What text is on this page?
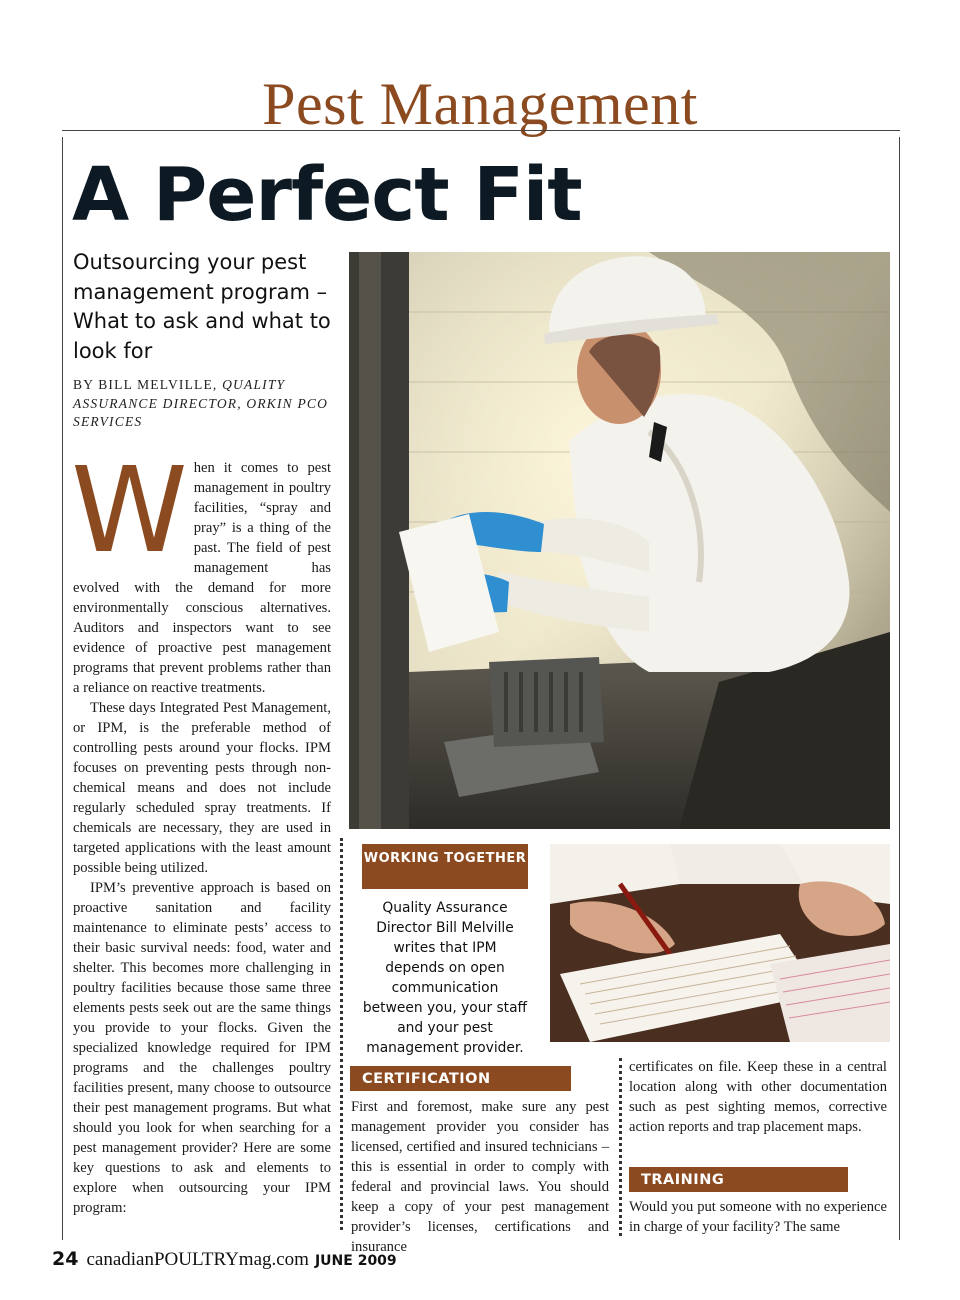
Pest Management
A Perfect Fit
Outsourcing your pest management program – What to ask and what to look for
BY BILL MELVILLE, QUALITY ASSURANCE DIRECTOR, ORKIN PCO SERVICES

When it comes to pest management in poultry facilities, “spray and pray” is a thing of the past. The field of pest management has evolved with the demand for more environmentally conscious alternatives. Auditors and inspectors want to see evidence of proactive pest management programs that prevent problems rather than a reliance on reactive treatments.

These days Integrated Pest Management, or IPM, is the preferable method of controlling pests around your flocks. IPM focuses on preventing pests through non-chemical means and does not include regularly scheduled spray treatments. If chemicals are necessary, they are used in targeted applications with the least amount possible being utilized.

IPM’s preventive approach is based on proactive sanitation and facility maintenance to eliminate pests’ access to their basic survival needs: food, water and shelter. This becomes more challenging in poultry facilities because those same three elements pests seek out are the same things you provide to your flocks. Given the specialized knowledge required for IPM programs and the challenges poultry facilities present, many choose to outsource their pest management programs. But what should you look for when searching for a pest management provider? Here are some key questions to ask and elements to explore when outsourcing your IPM program:

WORKING TOGETHER
Quality Assurance Director Bill Melville writes that IPM depends on open communication between you, your staff and your pest management provider.
CERTIFICATION

First and foremost, make sure any pest management provider you consider has licensed, certified and insured technicians – this is essential in order to comply with federal and provincial laws. You should keep a copy of your pest management provider’s licenses, certifications and insurance

certificates on file. Keep these in a central location along with other documentation such as pest sighting memos, corrective action reports and trap placement maps.

TRAINING

Would you put someone with no experience in charge of your facility? The same

24 canadianPOULTRYmag.com JUNE 2009
